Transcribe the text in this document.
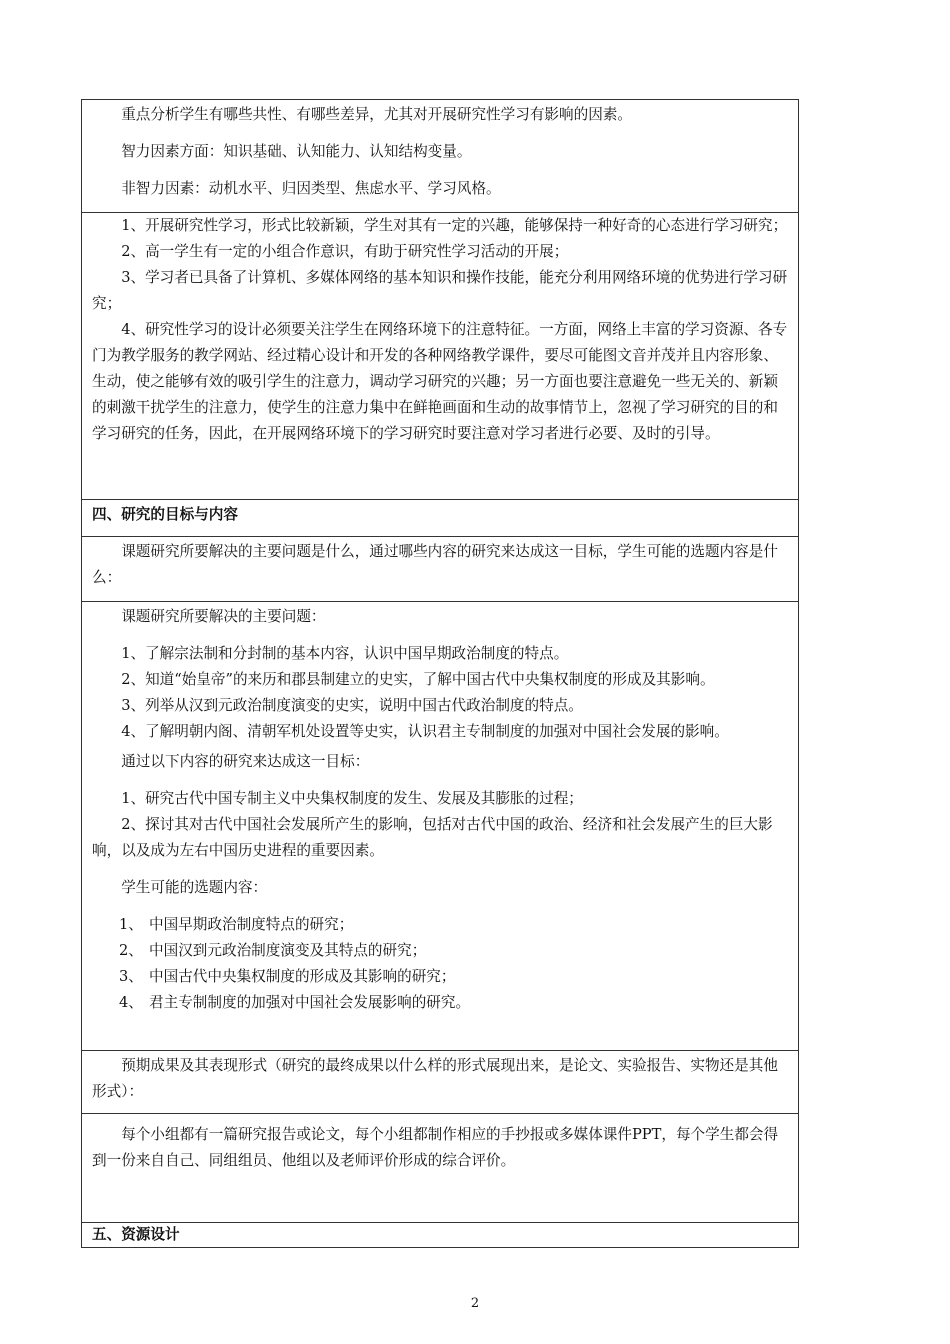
重点分析学生有哪些共性、有哪些差异，尤其对开展研究性学习有影响的因素。

智力因素方面：知识基础、认知能力、认知结构变量。

非智力因素：动机水平、归因类型、焦虑水平、学习风格。

1、开展研究性学习，形式比较新颖，学生对其有一定的兴趣，能够保持一种好奇的心态进行学习研究；

2、高一学生有一定的小组合作意识，有助于研究性学习活动的开展；

3、学习者已具备了计算机、多媒体网络的基本知识和操作技能，能充分利用网络环境的优势进行学习研究；

4、研究性学习的设计必须要关注学生在网络环境下的注意特征。一方面，网络上丰富的学习资源、各专门为教学服务的教学网站、经过精心设计和开发的各种网络教学课件，要尽可能图文音并茂并且内容形象、生动，使之能够有效的吸引学生的注意力，调动学习研究的兴趣；另一方面也要注意避免一些无关的、新颖的刺激干扰学生的注意力，使学生的注意力集中在鲜艳画面和生动的故事情节上，忽视了学习研究的目的和学习研究的任务，因此，在开展网络环境下的学习研究时要注意对学习者进行必要、及时的引导。

四、研究的目标与内容

课题研究所要解决的主要问题是什么，通过哪些内容的研究来达成这一目标，学生可能的选题内容是什么：

课题研究所要解决的主要问题：

1、了解宗法制和分封制的基本内容，认识中国早期政治制度的特点。

2、知道“始皇帝”的来历和郡县制建立的史实，了解中国古代中央集权制度的形成及其影响。

3、列举从汉到元政治制度演变的史实，说明中国古代政治制度的特点。

4、了解明朝内阁、清朝军机处设置等史实，认识君主专制制度的加强对中国社会发展的影响。

通过以下内容的研究来达成这一目标：

1、研究古代中国专制主义中央集权制度的发生、发展及其膨胀的过程；

2、探讨其对古代中国社会发展所产生的影响，包括对古代中国的政治、经济和社会发展产生的巨大影响，以及成为左右中国历史进程的重要因素。

学生可能的选题内容：

1、 中国早期政治制度特点的研究；

2、 中国汉到元政治制度演变及其特点的研究；

3、 中国古代中央集权制度的形成及其影响的研究；

4、 君主专制制度的加强对中国社会发展影响的研究。

预期成果及其表现形式（研究的最终成果以什么样的形式展现出来，是论文、实验报告、实物还是其他形式）：

每个小组都有一篇研究报告或论文，每个小组都制作相应的手抄报或多媒体课件PPT，每个学生都会得到一份来自自己、同组组员、他组以及老师评价形成的综合评价。

五、资源设计

2
